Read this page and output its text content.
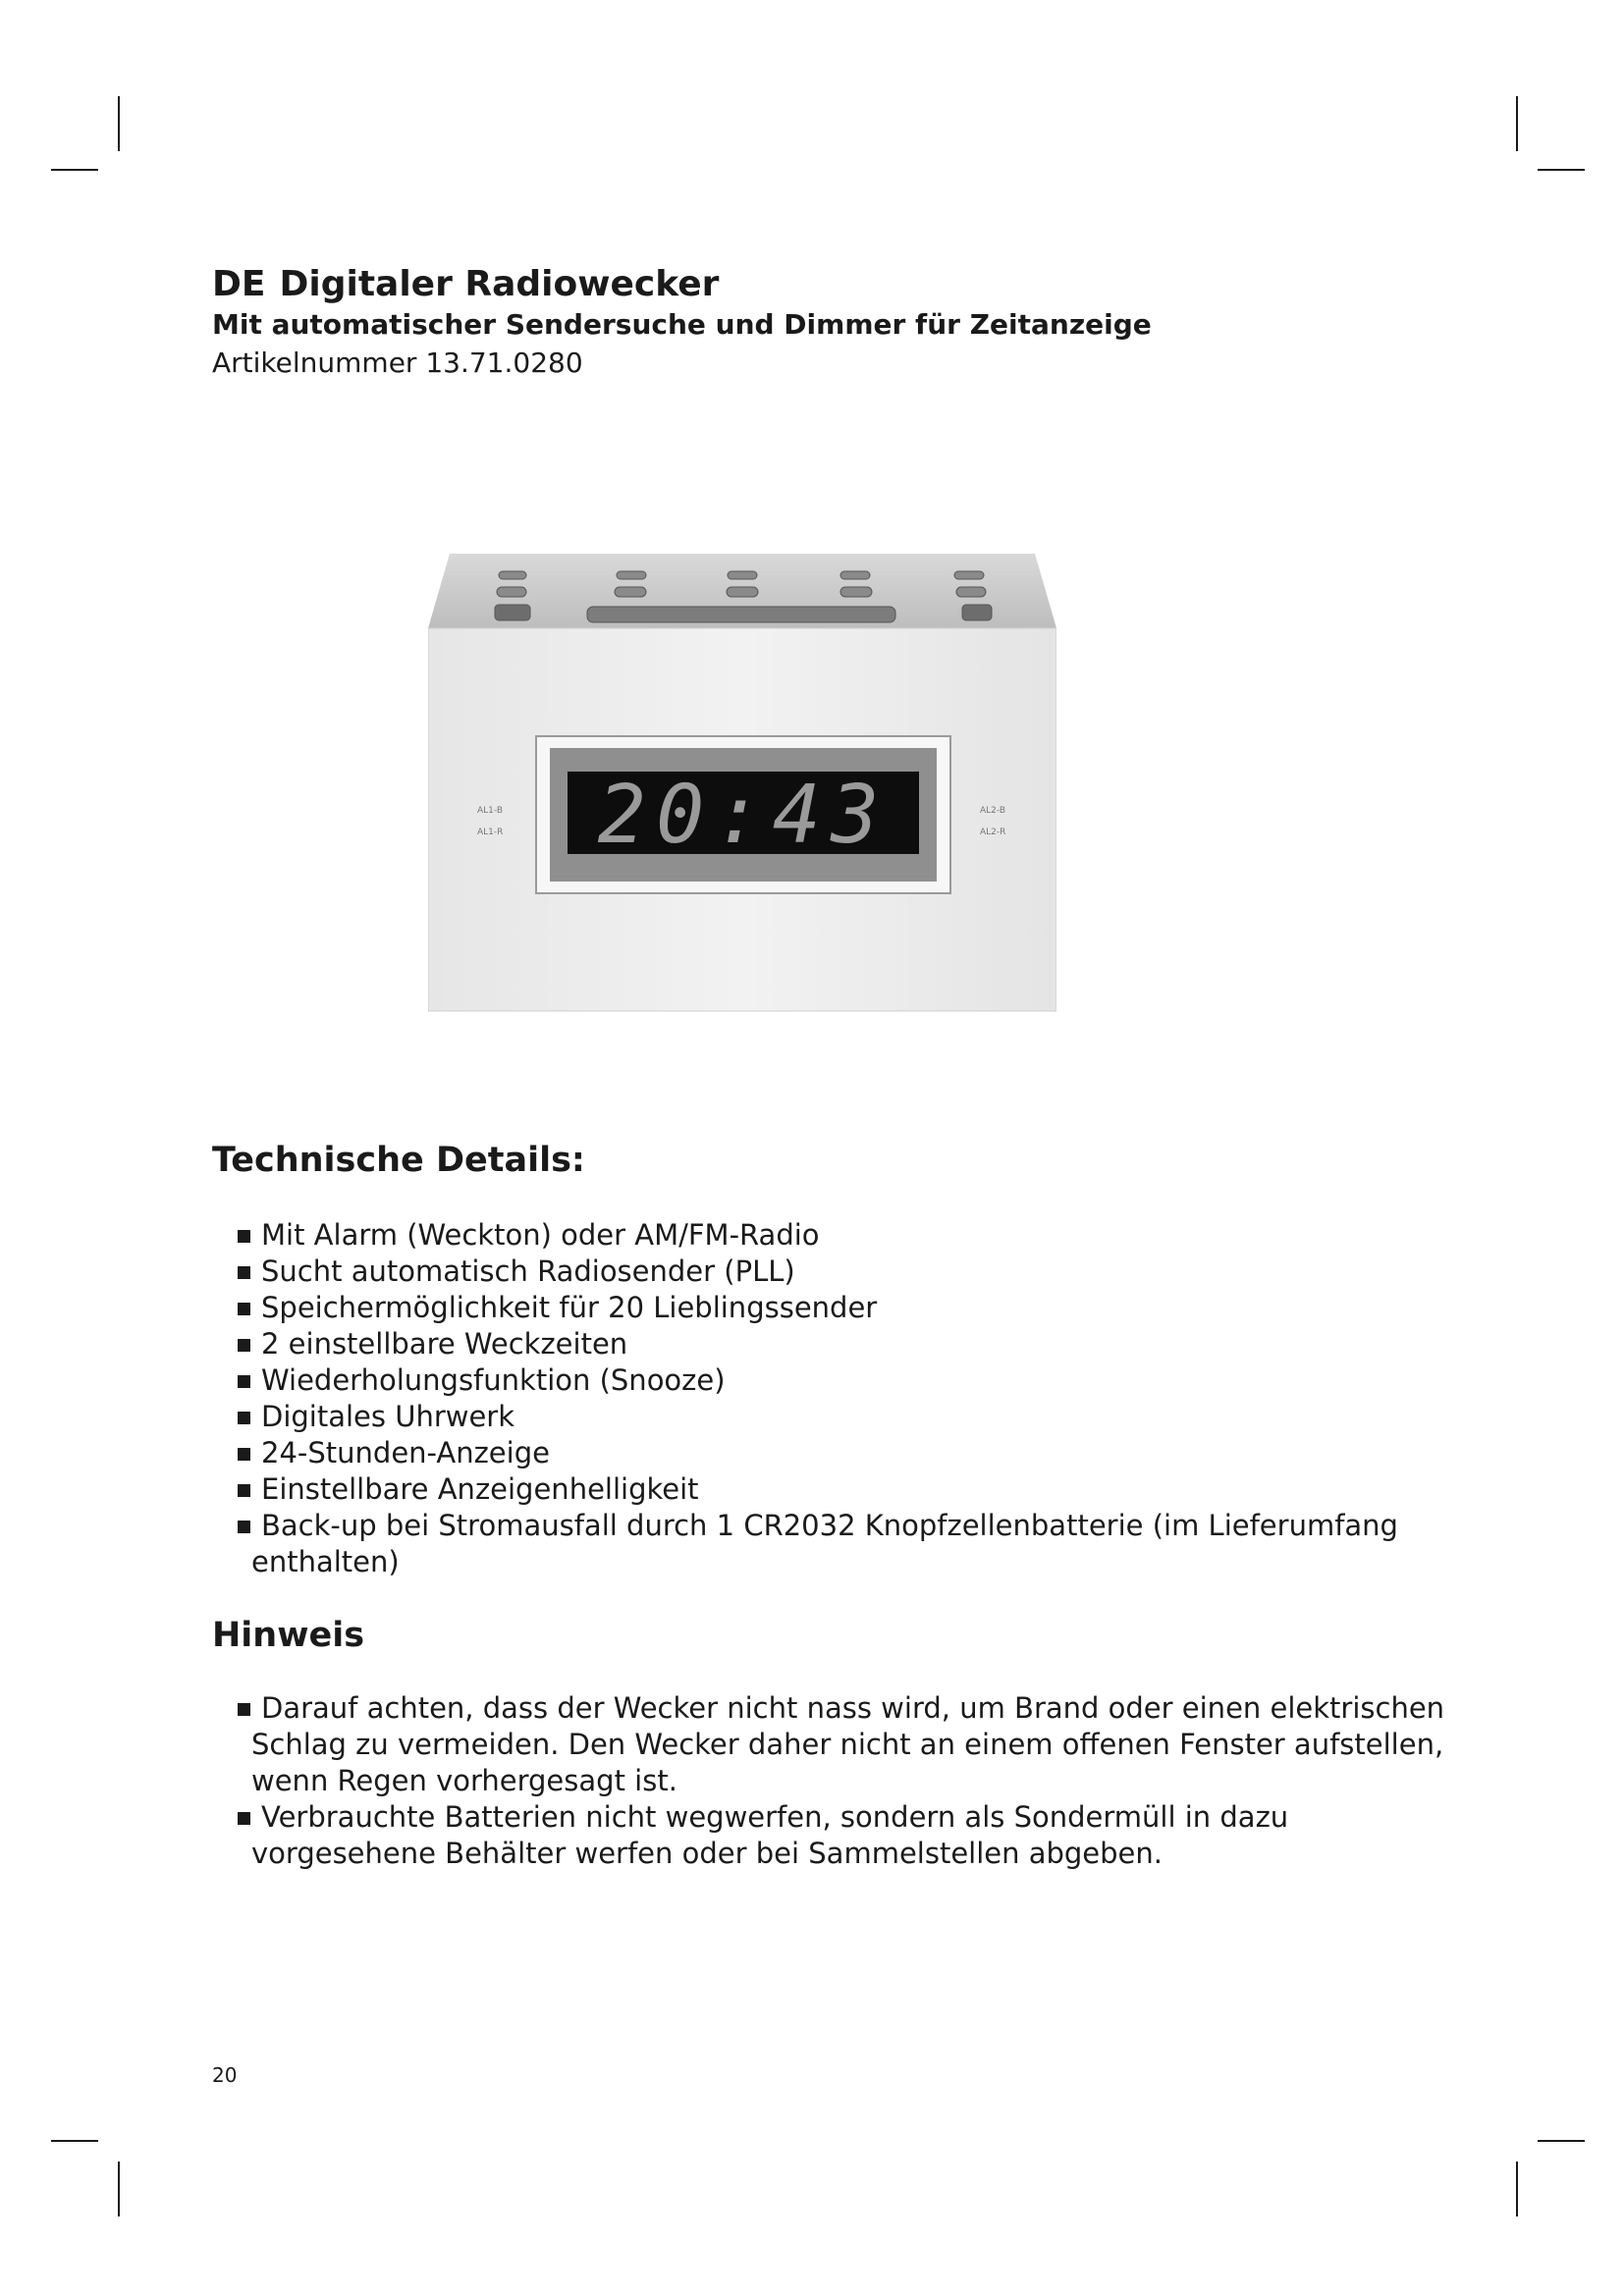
DE Digitaler Radiowecker

Mit automatischer Sendersuche und Dimmer für Zeitanzeige

Artikelnummer 13.71.0280

20:43
AL1-B
AL1-R
AL2-B
AL2-R
Technische Details:
Mit Alarm (Weckton) oder AM/FM-Radio
Sucht automatisch Radiosender (PLL)
Speichermöglichkeit für 20 Lieblingssender
2 einstellbare Weckzeiten
Wiederholungsfunktion (Snooze)
Digitales Uhrwerk
24-Stunden-Anzeige
Einstellbare Anzeigenhelligkeit
Back-up bei Stromausfall durch 1 CR2032 Knopfzellenbatterie (im Lieferumfang
enthalten)
Hinweis
Darauf achten, dass der Wecker nicht nass wird, um Brand oder einen elektrischen
Schlag zu vermeiden. Den Wecker daher nicht an einem offenen Fenster aufstellen,
wenn Regen vorhergesagt ist.
Verbrauchte Batterien nicht wegwerfen, sondern als Sondermüll in dazu
vorgesehene Behälter werfen oder bei Sammelstellen abgeben.
20
